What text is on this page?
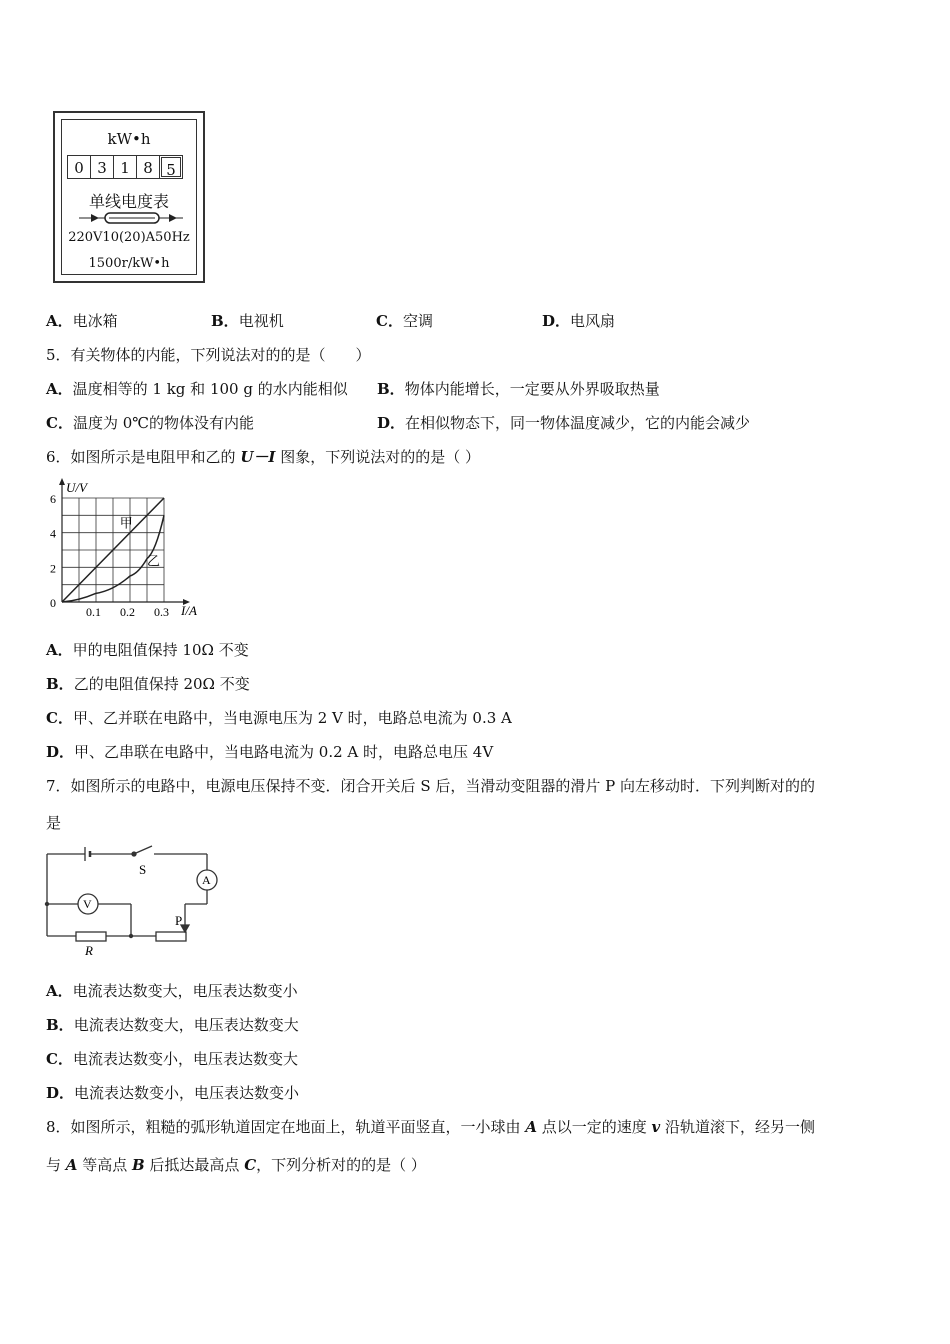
kW•h
0 3 1 8 5
单线电度表
220V10(20)A50Hz
1500r/kW•h
A．电冰箱	B．电视机	C．空调	D．电风扇
5．有关物体的内能，下列说法对的的是（　　）
A．温度相等的 1 kg 和 100 g 的水内能相似 B．物体内能增长，一定要从外界吸取热量
C．温度为 0℃的物体没有内能	D．在相似物态下，同一物体温度减少，它的内能会减少
6．如图所示是电阻甲和乙的 U－I 图象，下列说法对的的是（ ）
0.1 0.2 0.3
0
2
4
6
甲
乙
U/V
I/A
A．甲的电阻值保持 10Ω 不变
B．乙的电阻值保持 20Ω 不变
C．甲、乙并联在电路中，当电源电压为 2 V 时，电路总电流为 0.3 A
D．甲、乙串联在电路中，当电路电流为 0.2 A 时，电路总电压 4V
7．如图所示的电路中，电源电压保持不变．闭合开关后 S 后，当滑动变阻器的滑片 P 向左移动时．下列判断对的的
是
S
A
V
R
P
A．电流表达数变大，电压表达数变小
B．电流表达数变大，电压表达数变大
C．电流表达数变小，电压表达数变大
D．电流表达数变小，电压表达数变小
8．如图所示，粗糙的弧形轨道固定在地面上，轨道平面竖直，一小球由 A 点以一定的速度 v 沿轨道滚下，经另一侧
与 A 等高点 B 后抵达最高点 C，下列分析对的的是（ ）
